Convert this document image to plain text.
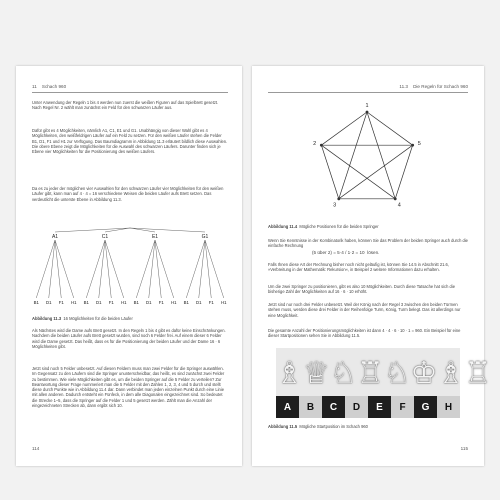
11 Schach 960
Unter Anwendung der Regeln 1 bis 4 werden nun zuerst die weißen Figuren auf das Spielbrett gesetzt. Nach Regel Nr. 2 wählt man zunächst ein Feld für den schwarzen Läufer aus.
Dafür gibt es 4 Möglichkeiten, nämlich A1, C1, E1 und G1. Unabhängig von dieser Wahl gibt es 4 Möglichkeiten, den weißfeldrigen Läufer auf ein Feld zu setzen. Für den weißen Läufer stehen die Felder B1, D1, F1 und H1 zur Verfügung. Das Baumdiagramm in Abbildung 11.3 erläutert bildlich diese Auswahlen. Die obere Ebene zeigt die Möglichkeiten für die Auswahl des schwarzen Läufers. Darunter finden sich je Ebene vier Möglichkeiten für die Positionierung des weißen Läufers.
Da es zu jeder der möglichen vier Auswahlen für den schwarzen Läufer vier Möglichkeiten für den weißen Läufer gibt, kann man auf 4 · 4 = 16 verschiedene Weisen die beiden Läufer aufs Brett setzen. Das verdeutlicht die unterste Ebene in Abbildung 11.3.
A1
B1 D1 F1 H1
C1
B1 D1 F1 H1
E1
B1 D1 F1 H1
G1
B1 D1 F1 H1
Abbildung 11.3 16 Möglichkeiten für die beiden Läufer
Als Nächstes wird die Dame aufs Brett gesetzt. In den Regeln 1 bis 4 gibt es dafür keine Einschränkungen. Nachdem die beiden Läufer aufs Brett gesetzt wurden, sind noch 6 Felder frei. Auf einem dieser 6 Felder wird die Dame gesetzt. Das heißt, dass es für die Positionierung der beiden Läufer und der Dame 16 · 6 Möglichkeiten gibt.
Jetzt sind noch 5 Felder unbesetzt. Auf diesen Feldern muss man zwei Felder für die Springer auswählen. Im Gegensatz zu den Läufern sind die Springer ununterscheidbar, das heißt, es sind zunächst zwei Felder zu bestimmen. Wie viele Möglichkeiten gibt es, um die beiden Springer auf die 5 Felder zu verteilen? Zur Beantwortung dieser Frage nummeriert man die 5 Felder mit den Zahlen 1, 2, 3, 4 und 5 durch und stellt diese durch Punkte wie in Abbildung 11.4 dar. Dann verbindet man jeden einzelnen Punkt durch eine Linie mit allen anderen. Dadurch entsteht ein Fünfeck, in dem alle Diagonalen eingezeichnet sind. So bedeutet die Strecke 1–5, dass die Springer auf die Felder 1 und 5 gesetzt werden. Zählt man die Anzahl der eingezeichneten Strecken ab, dann ergibt sich 10.
114
11.3 Die Regeln für Schach 960
1
5
4
3
2
Abbildung 11.4 Mögliche Positionen für die beiden Springer
Wenn Sie Kenntnisse in der Kombinatorik haben, können Sie das Problem der beiden Springer auch durch die einfache Rechnung
(5 über 2) = 5·4 / 1·2 = 10 lösen.
Falls Ihnen diese Art der Rechnung bisher noch nicht geläufig ist, können Sie 14.5 in Abschnitt 21.6, »Verbreitung in der Mathematik: Rekursion«, in Beispiel 2 weitere Informationen dazu erhalten.
Um die zwei Springer zu positionieren, gibt es also 10 Möglichkeiten. Durch diese Tatsache hat sich die bisherige Zahl der Möglichkeiten auf 16 · 6 · 10 erhöht.
Jetzt sind nur noch drei Felder unbesetzt. Weil der König nach der Regel 3 zwischen den beiden Türmen stehen muss, werden diese drei Felder in der Reihenfolge Turm, König, Turm belegt. Das ist allerdings nur eine Möglichkeit.
Die gesamte Anzahl der Positionierungsmöglichkeiten ist dann 4 · 4 · 6 · 10 · 1 = 960. Ein Beispiel für eine dieser Startpositionen sehen Sie in Abbildung 11.5.
♗ ♕ ♘ ♖ ♘ ♔ ♗ ♖
A	B	C	D	E	F	G	H
Abbildung 11.5 Mögliche Startposition im Schach 960
115
